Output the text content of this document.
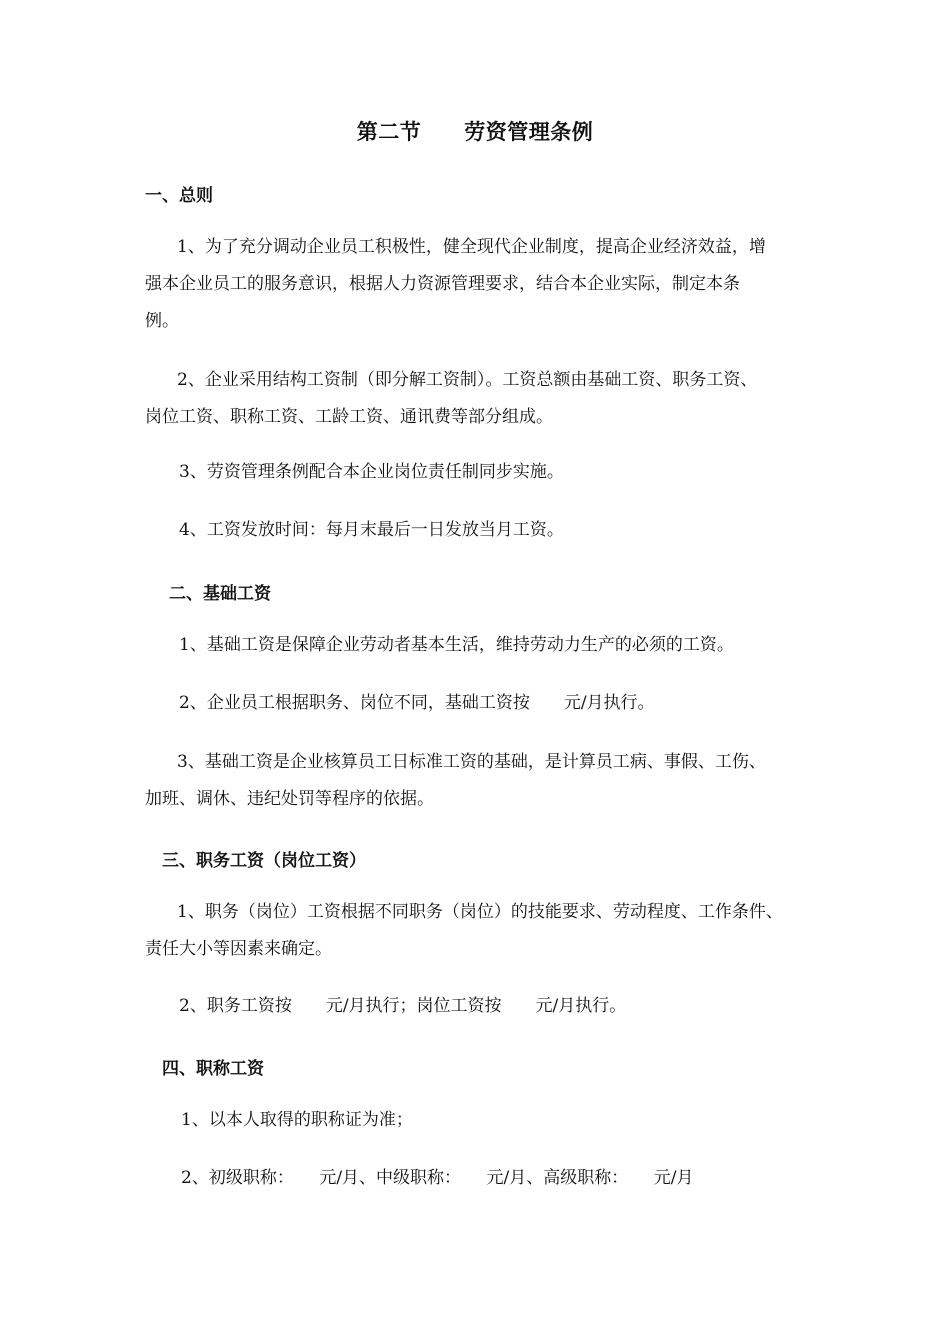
第二节　　劳资管理条例
一、总则
1、为了充分调动企业员工积极性，健全现代企业制度，提高企业经济效益，增
强本企业员工的服务意识，根据人力资源管理要求，结合本企业实际，制定本条
例。
2、企业采用结构工资制（即分解工资制）。工资总额由基础工资、职务工资、
岗位工资、职称工资、工龄工资、通讯费等部分组成。
3、劳资管理条例配合本企业岗位责任制同步实施。
4、工资发放时间：每月末最后一日发放当月工资。
二、基础工资
1、基础工资是保障企业劳动者基本生活，维持劳动力生产的必须的工资。
2、企业员工根据职务、岗位不同，基础工资按　　元/月执行。
3、基础工资是企业核算员工日标准工资的基础，是计算员工病、事假、工伤、
加班、调休、违纪处罚等程序的依据。
三、职务工资（岗位工资）
1、职务（岗位）工资根据不同职务（岗位）的技能要求、劳动程度、工作条件、
责任大小等因素来确定。
2、职务工资按　　元/月执行；岗位工资按　　元/月执行。
四、职称工资
1、以本人取得的职称证为准；
2、初级职称：　　元/月、中级职称：　　元/月、高级职称：　　元/月
